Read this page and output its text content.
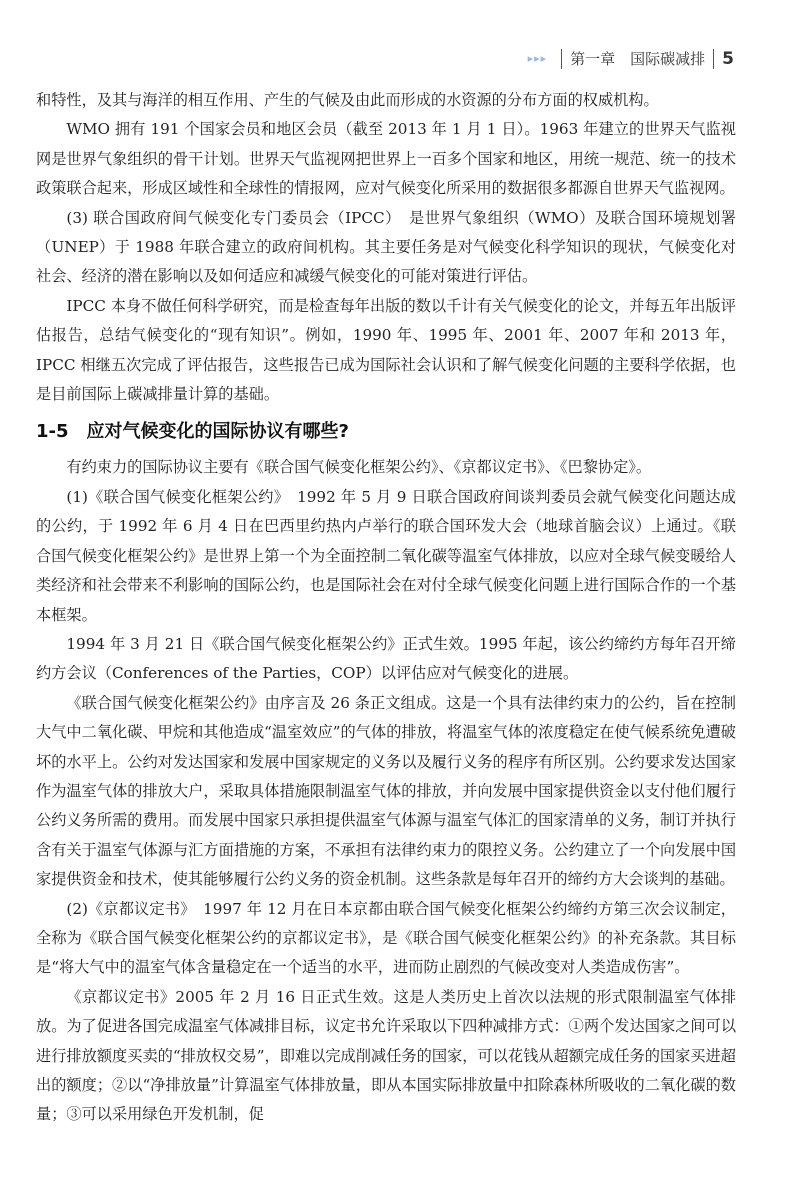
▸▸▸ 第一章　国际碳减排 5

和特性，及其与海洋的相互作用、产生的气候及由此而形成的水资源的分布方面的权威机构。

WMO 拥有 191 个国家会员和地区会员（截至 2013 年 1 月 1 日）。1963 年建立的世界天气监视网是世界气象组织的骨干计划。世界天气监视网把世界上一百多个国家和地区，用统一规范、统一的技术政策联合起来，形成区域性和全球性的情报网，应对气候变化所采用的数据很多都源自世界天气监视网。

(3) 联合国政府间气候变化专门委员会（IPCC）　是世界气象组织（WMO）及联合国环境规划署（UNEP）于 1988 年联合建立的政府间机构。其主要任务是对气候变化科学知识的现状，气候变化对社会、经济的潜在影响以及如何适应和减缓气候变化的可能对策进行评估。

IPCC 本身不做任何科学研究，而是检查每年出版的数以千计有关气候变化的论文，并每五年出版评估报告，总结气候变化的“现有知识”。例如，1990 年、1995 年、2001 年、2007 年和 2013 年，IPCC 相继五次完成了评估报告，这些报告已成为国际社会认识和了解气候变化问题的主要科学依据，也是目前国际上碳减排量计算的基础。

1-5 应对气候变化的国际协议有哪些?

有约束力的国际协议主要有《联合国气候变化框架公约》、《京都议定书》、《巴黎协定》。

(1)《联合国气候变化框架公约》　1992 年 5 月 9 日联合国政府间谈判委员会就气候变化问题达成的公约，于 1992 年 6 月 4 日在巴西里约热内卢举行的联合国环发大会（地球首脑会议）上通过。《联合国气候变化框架公约》是世界上第一个为全面控制二氧化碳等温室气体排放，以应对全球气候变暖给人类经济和社会带来不利影响的国际公约，也是国际社会在对付全球气候变化问题上进行国际合作的一个基本框架。

1994 年 3 月 21 日《联合国气候变化框架公约》正式生效。1995 年起，该公约缔约方每年召开缔约方会议（Conferences of the Parties，COP）以评估应对气候变化的进展。

《联合国气候变化框架公约》由序言及 26 条正文组成。这是一个具有法律约束力的公约，旨在控制大气中二氧化碳、甲烷和其他造成“温室效应”的气体的排放，将温室气体的浓度稳定在使气候系统免遭破坏的水平上。公约对发达国家和发展中国家规定的义务以及履行义务的程序有所区别。公约要求发达国家作为温室气体的排放大户，采取具体措施限制温室气体的排放，并向发展中国家提供资金以支付他们履行公约义务所需的费用。而发展中国家只承担提供温室气体源与温室气体汇的国家清单的义务，制订并执行含有关于温室气体源与汇方面措施的方案，不承担有法律约束力的限控义务。公约建立了一个向发展中国家提供资金和技术，使其能够履行公约义务的资金机制。这些条款是每年召开的缔约方大会谈判的基础。

(2)《京都议定书》　1997 年 12 月在日本京都由联合国气候变化框架公约缔约方第三次会议制定，全称为《联合国气候变化框架公约的京都议定书》，是《联合国气候变化框架公约》的补充条款。其目标是“将大气中的温室气体含量稳定在一个适当的水平，进而防止剧烈的气候改变对人类造成伤害”。

《京都议定书》2005 年 2 月 16 日正式生效。这是人类历史上首次以法规的形式限制温室气体排放。为了促进各国完成温室气体减排目标，议定书允许采取以下四种减排方式：①两个发达国家之间可以进行排放额度买卖的“排放权交易”，即难以完成削减任务的国家，可以花钱从超额完成任务的国家买进超出的额度；②以“净排放量”计算温室气体排放量，即从本国实际排放量中扣除森林所吸收的二氧化碳的数量；③可以采用绿色开发机制，促
